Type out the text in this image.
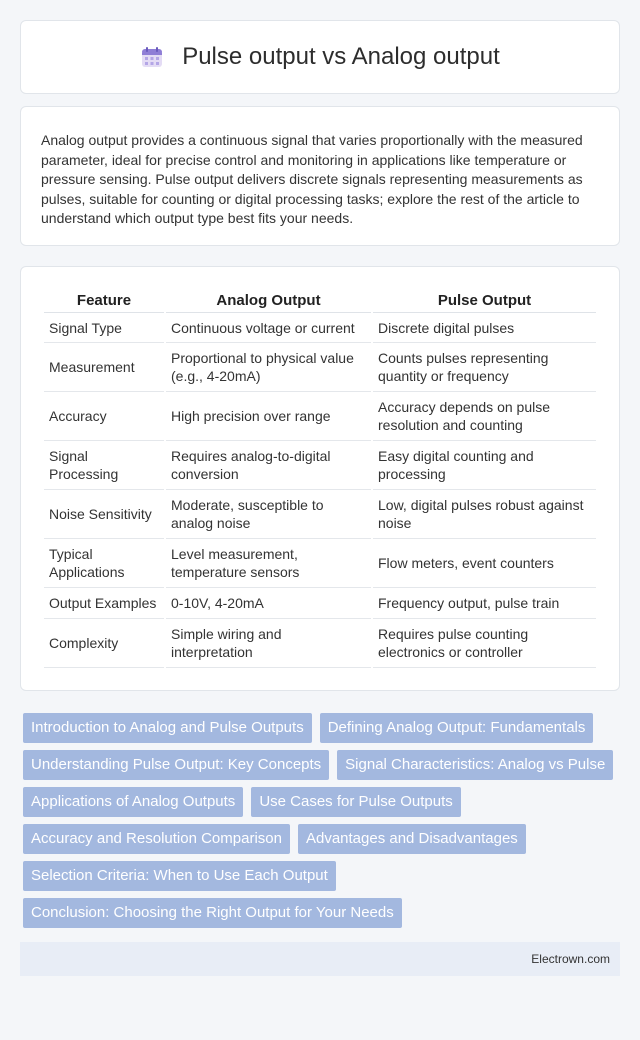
Pulse output vs Analog output

Analog output provides a continuous signal that varies proportionally with the measured parameter, ideal for precise control and monitoring in applications like temperature or pressure sensing. Pulse output delivers discrete signals representing measurements as pulses, suitable for counting or digital processing tasks; explore the rest of the article to understand which output type best fits your needs.

Feature	Analog Output	Pulse Output
Signal Type	Continuous voltage or current	Discrete digital pulses
Measurement	Proportional to physical value (e.g., 4-20mA)	Counts pulses representing quantity or frequency
Accuracy	High precision over range	Accuracy depends on pulse resolution and counting
Signal Processing	Requires analog-to-digital conversion	Easy digital counting and processing
Noise Sensitivity	Moderate, susceptible to analog noise	Low, digital pulses robust against noise
Typical Applications	Level measurement, temperature sensors	Flow meters, event counters
Output Examples	0-10V, 4-20mA	Frequency output, pulse train
Complexity	Simple wiring and interpretation	Requires pulse counting electronics or controller
Introduction to Analog and Pulse Outputs	Defining Analog Output: Fundamentals
Understanding Pulse Output: Key Concepts	Signal Characteristics: Analog vs Pulse
Applications of Analog Outputs	Use Cases for Pulse Outputs
Accuracy and Resolution Comparison	Advantages and Disadvantages
Selection Criteria: When to Use Each Output
Conclusion: Choosing the Right Output for Your Needs
Electrown.com
